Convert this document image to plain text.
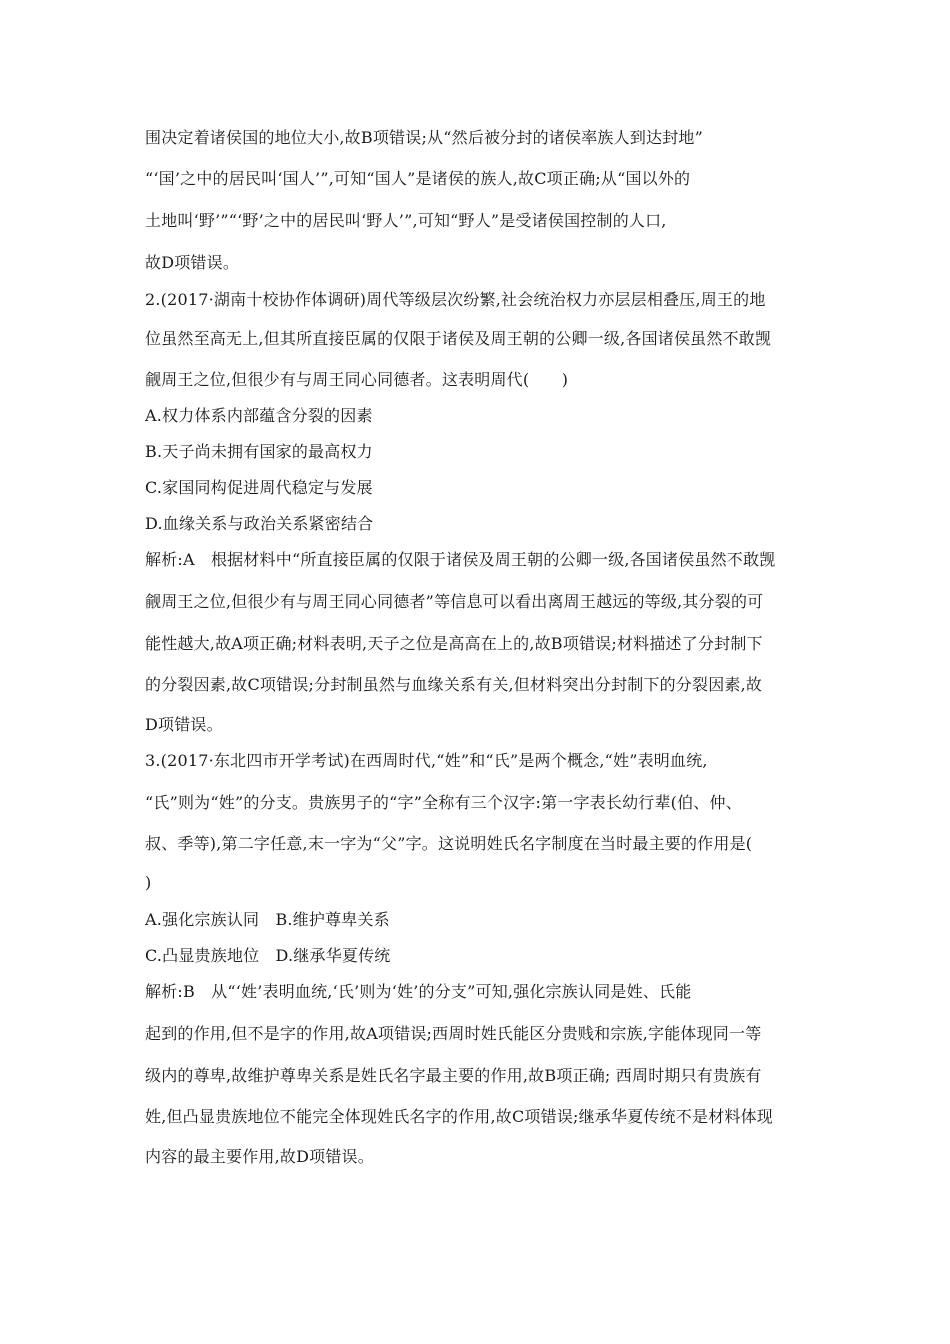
围决定着诸侯国的地位大小,故B项错误;从“然后被分封的诸侯率族人到达封地”
“‘国’之中的居民叫‘国人’”,可知“国人”是诸侯的族人,故C项正确;从“国以外的
土地叫‘野’”“‘野’之中的居民叫‘野人’”,可知“野人”是受诸侯国控制的人口,
故D项错误。
2.(2017·湖南十校协作体调研)周代等级层次纷繁,社会统治权力亦层层相叠压,周王的地
位虽然至高无上,但其所直接臣属的仅限于诸侯及周王朝的公卿一级,各国诸侯虽然不敢觊
觎周王之位,但很少有与周王同心同德者。这表明周代(　　)
A.权力体系内部蕴含分裂的因素
B.天子尚未拥有国家的最高权力
C.家国同构促进周代稳定与发展
D.血缘关系与政治关系紧密结合
解析:A　根据材料中“所直接臣属的仅限于诸侯及周王朝的公卿一级,各国诸侯虽然不敢觊
觎周王之位,但很少有与周王同心同德者”等信息可以看出离周王越远的等级,其分裂的可
能性越大,故A项正确;材料表明,天子之位是高高在上的,故B项错误;材料描述了分封制下
的分裂因素,故C项错误;分封制虽然与血缘关系有关,但材料突出分封制下的分裂因素,故
D项错误。
3.(2017·东北四市开学考试)在西周时代,“姓”和“氏”是两个概念,“姓”表明血统,
“氏”则为“姓”的分支。贵族男子的“字”全称有三个汉字:第一字表长幼行辈(伯、仲、
叔、季等),第二字任意,末一字为“父”字。这说明姓氏名字制度在当时最主要的作用是(
)
A.强化宗族认同　B.维护尊卑关系
C.凸显贵族地位　D.继承华夏传统
解析:B　从“‘姓’表明血统,‘氏’则为‘姓’的分支”可知,强化宗族认同是姓、氏能
起到的作用,但不是字的作用,故A项错误;西周时姓氏能区分贵贱和宗族,字能体现同一等
级内的尊卑,故维护尊卑关系是姓氏名字最主要的作用,故B项正确; 西周时期只有贵族有
姓,但凸显贵族地位不能完全体现姓氏名字的作用,故C项错误;继承华夏传统不是材料体现
内容的最主要作用,故D项错误。
